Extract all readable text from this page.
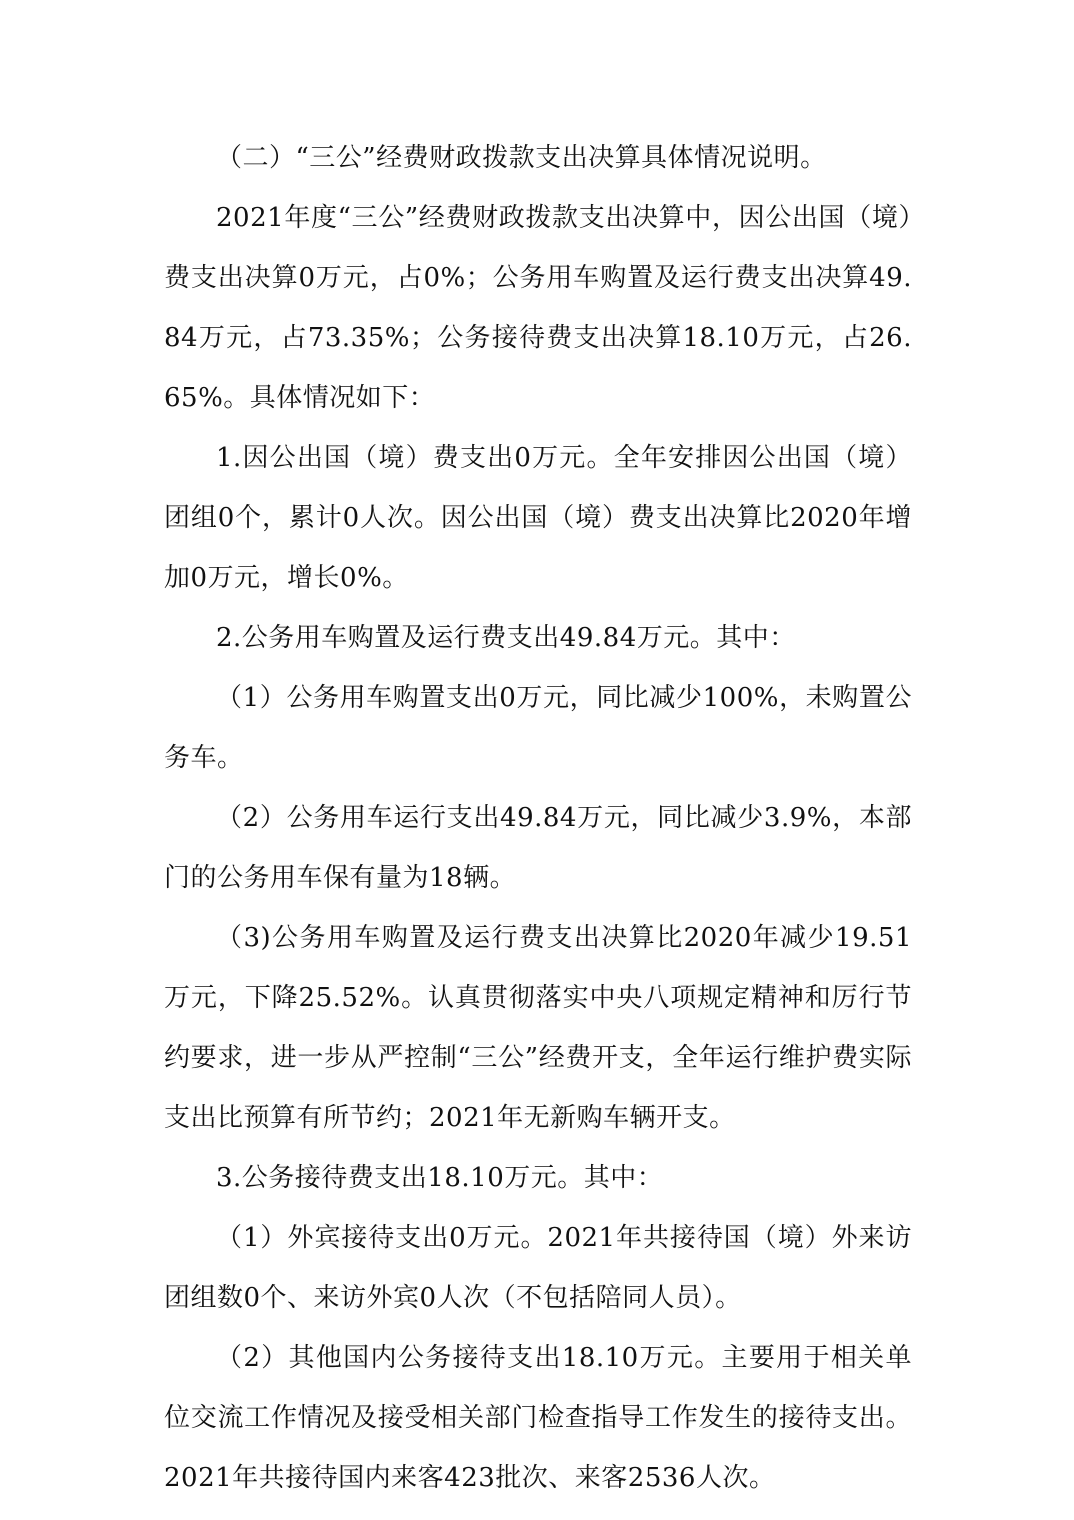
（二）“三公”经费财政拨款支出决算具体情况说明。

2021年度“三公”经费财政拨款支出决算中，因公出国（境）费支出决算0万元，占0%；公务用车购置及运行费支出决算49.84万元，占73.35%；公务接待费支出决算18.10万元，占26.65%。具体情况如下：

1.因公出国（境）费支出0万元。全年安排因公出国（境）团组0个，累计0人次。因公出国（境）费支出决算比2020年增加0万元，增长0%。

2.公务用车购置及运行费支出49.84万元。其中：

（1）公务用车购置支出0万元，同比减少100%，未购置公务车。

（2）公务用车运行支出49.84万元，同比减少3.9%，本部门的公务用车保有量为18辆。

（3)公务用车购置及运行费支出决算比2020年减少19.51万元，下降25.52%。认真贯彻落实中央八项规定精神和厉行节约要求，进一步从严控制“三公”经费开支，全年运行维护费实际支出比预算有所节约；2021年无新购车辆开支。

3.公务接待费支出18.10万元。其中：

（1）外宾接待支出0万元。2021年共接待国（境）外来访团组数0个、来访外宾0人次（不包括陪同人员）。

（2）其他国内公务接待支出18.10万元。主要用于相关单位交流工作情况及接受相关部门检查指导工作发生的接待支出。2021年共接待国内来客423批次、来客2536人次。
